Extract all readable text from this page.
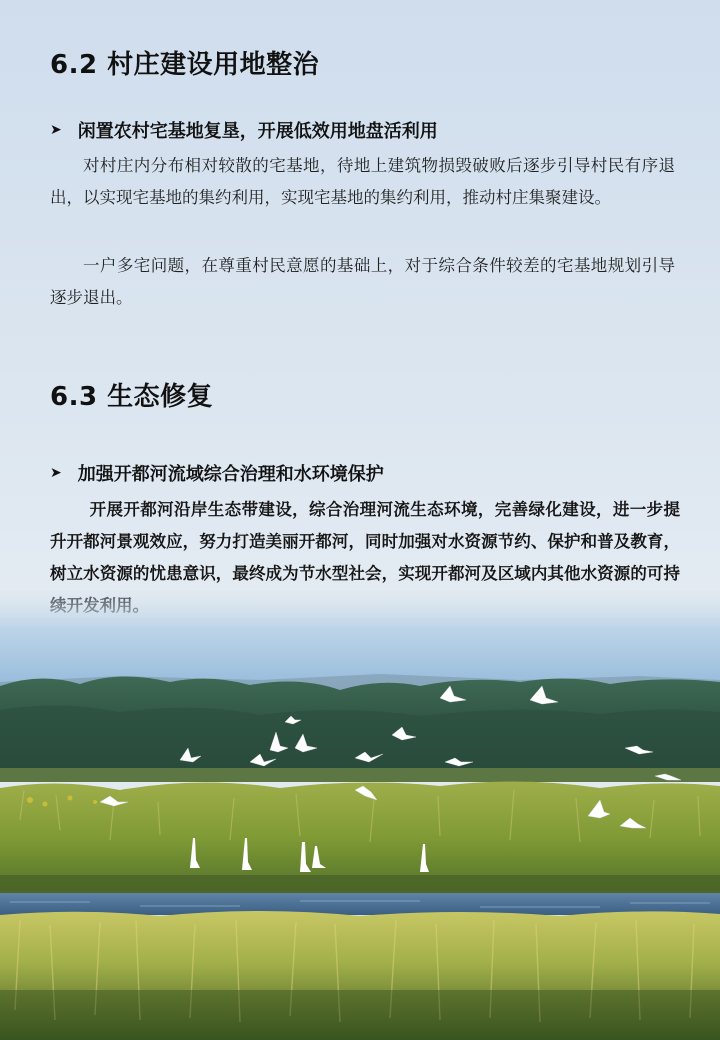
6.2 村庄建设用地整治
➤ 闲置农村宅基地复垦，开展低效用地盘活利用

对村庄内分布相对较散的宅基地，待地上建筑物损毁破败后逐步引导村民有序退出，以实现宅基地的集约利用，实现宅基地的集约利用，推动村庄集聚建设。

一户多宅问题，在尊重村民意愿的基础上，对于综合条件较差的宅基地规划引导逐步退出。

6.3 生态修复
➤ 加强开都河流域综合治理和水环境保护

开展开都河沿岸生态带建设，综合治理河流生态环境，完善绿化建设，进一步提升开都河景观效应，努力打造美丽开都河，同时加强对水资源节约、保护和普及教育，树立水资源的忧患意识，最终成为节水型社会，实现开都河及区域内其他水资源的可持
